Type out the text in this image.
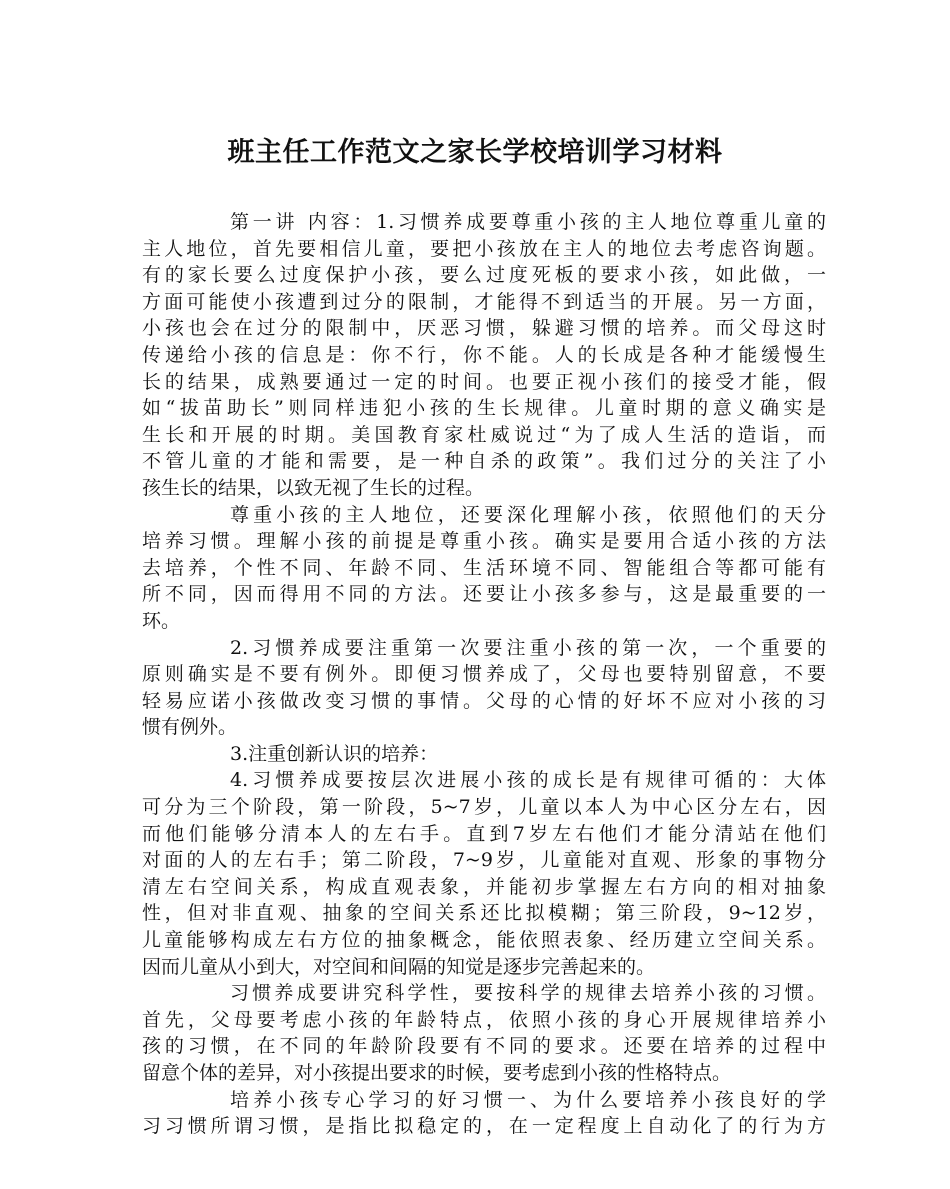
班主任工作范文之家长学校培训学习材料
第一讲 内容：1.习惯养成要尊重小孩的主人地位尊重儿童的
主人地位，首先要相信儿童，要把小孩放在主人的地位去考虑咨询题。
有的家长要么过度保护小孩，要么过度死板的要求小孩，如此做，一
方面可能使小孩遭到过分的限制，才能得不到适当的开展。另一方面，
小孩也会在过分的限制中，厌恶习惯，躲避习惯的培养。而父母这时
传递给小孩的信息是：你不行，你不能。人的长成是各种才能缓慢生
长的结果，成熟要通过一定的时间。也要正视小孩们的接受才能，假
如“拔苗助长”则同样违犯小孩的生长规律。儿童时期的意义确实是
生长和开展的时期。美国教育家杜威说过“为了成人生活的造诣，而
不管儿童的才能和需要，是一种自杀的政策”。我们过分的关注了小
孩生长的结果，以致无视了生长的过程。
尊重小孩的主人地位，还要深化理解小孩，依照他们的天分
培养习惯。理解小孩的前提是尊重小孩。确实是要用合适小孩的方法
去培养，个性不同、年龄不同、生活环境不同、智能组合等都可能有
所不同，因而得用不同的方法。还要让小孩多参与，这是最重要的一
环。
2.习惯养成要注重第一次要注重小孩的第一次，一个重要的
原则确实是不要有例外。即便习惯养成了，父母也要特别留意，不要
轻易应诺小孩做改变习惯的事情。父母的心情的好坏不应对小孩的习
惯有例外。
3.注重创新认识的培养：
4.习惯养成要按层次进展小孩的成长是有规律可循的：大体
可分为三个阶段，第一阶段，5~7岁，儿童以本人为中心区分左右，因
而他们能够分清本人的左右手。直到7岁左右他们才能分清站在他们
对面的人的左右手；第二阶段，7~9岁，儿童能对直观、形象的事物分
清左右空间关系，构成直观表象，并能初步掌握左右方向的相对抽象
性，但对非直观、抽象的空间关系还比拟模糊；第三阶段，9~12岁，
儿童能够构成左右方位的抽象概念，能依照表象、经历建立空间关系。
因而儿童从小到大，对空间和间隔的知觉是逐步完善起来的。
习惯养成要讲究科学性，要按科学的规律去培养小孩的习惯。
首先，父母要考虑小孩的年龄特点，依照小孩的身心开展规律培养小
孩的习惯，在不同的年龄阶段要有不同的要求。还要在培养的过程中
留意个体的差异，对小孩提出要求的时候，要考虑到小孩的性格特点。
培养小孩专心学习的好习惯一、为什么要培养小孩良好的学
习习惯所谓习惯，是指比拟稳定的，在一定程度上自动化了的行为方
